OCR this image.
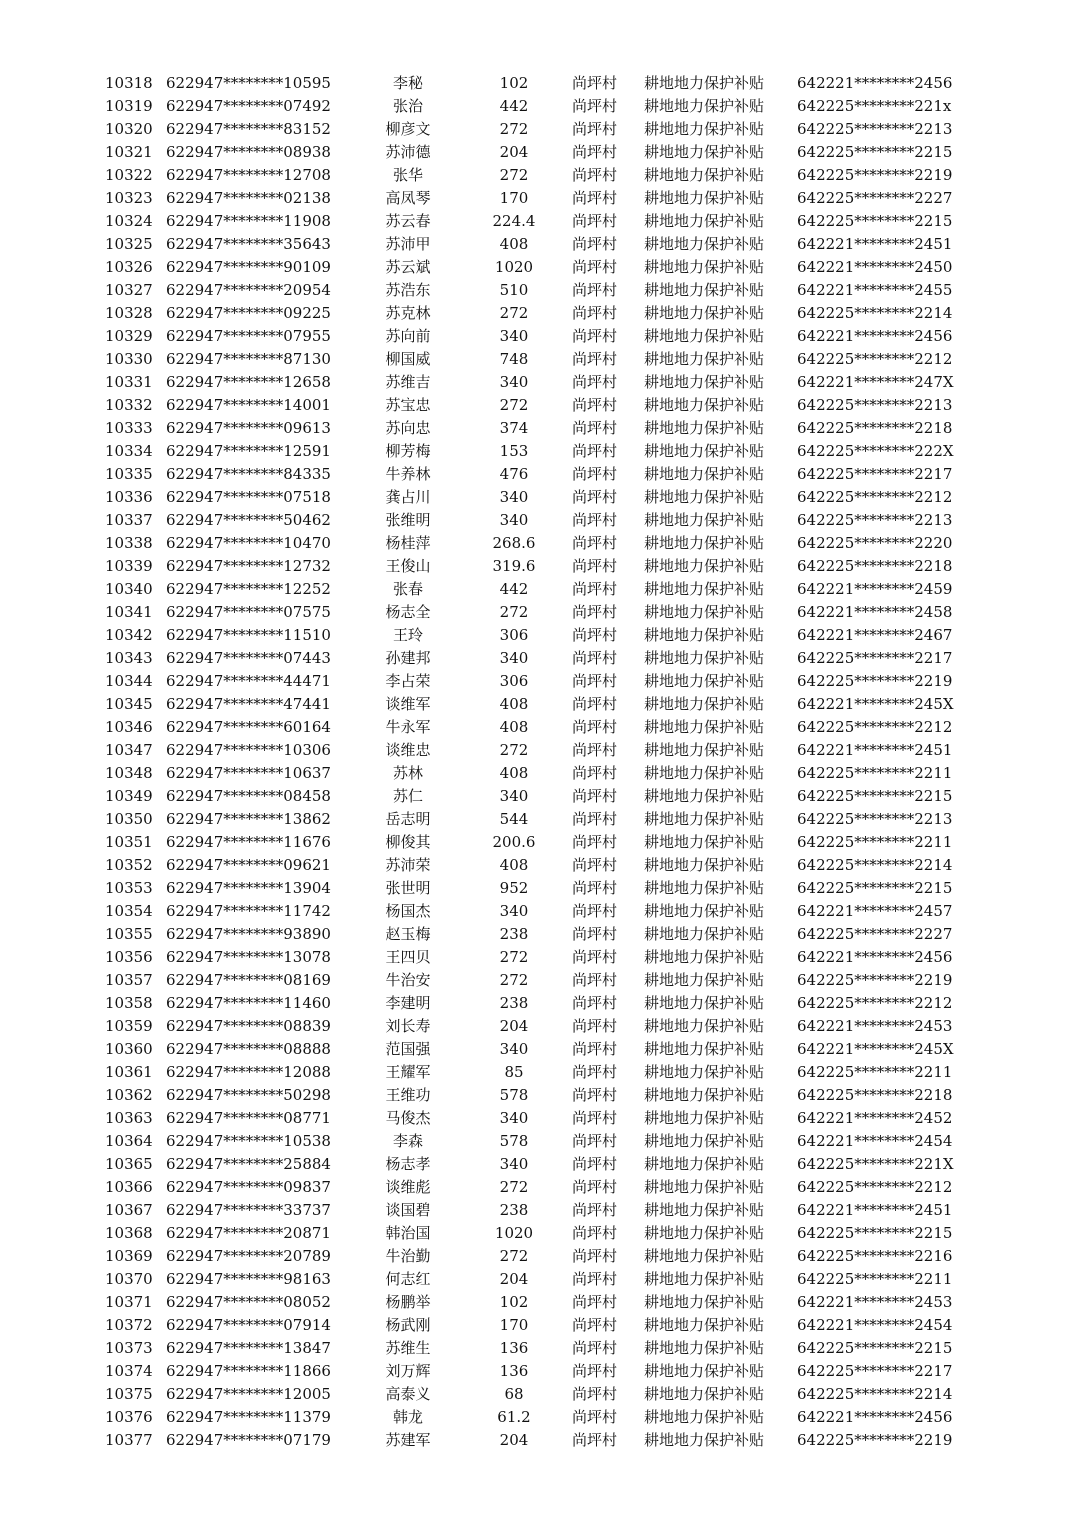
10318 622947********10595	李秘	102	尚坪村	耕地地力保护补贴	642221********2456
10319 622947********07492	张治	442	尚坪村	耕地地力保护补贴	642225********221x
10320 622947********83152	柳彦文	272	尚坪村	耕地地力保护补贴	642225********2213
10321 622947********08938	苏沛德	204	尚坪村	耕地地力保护补贴	642225********2215
10322 622947********12708	张华	272	尚坪村	耕地地力保护补贴	642225********2219
10323 622947********02138	高凤琴	170	尚坪村	耕地地力保护补贴	642225********2227
10324 622947********11908	苏云春	224.4	尚坪村	耕地地力保护补贴	642225********2215
10325 622947********35643	苏沛甲	408	尚坪村	耕地地力保护补贴	642221********2451
10326 622947********90109	苏云斌	1020	尚坪村	耕地地力保护补贴	642221********2450
10327 622947********20954	苏浩东	510	尚坪村	耕地地力保护补贴	642221********2455
10328 622947********09225	苏克林	272	尚坪村	耕地地力保护补贴	642225********2214
10329 622947********07955	苏向前	340	尚坪村	耕地地力保护补贴	642221********2456
10330 622947********87130	柳国威	748	尚坪村	耕地地力保护补贴	642225********2212
10331 622947********12658	苏维吉	340	尚坪村	耕地地力保护补贴	642221********247X
10332 622947********14001	苏宝忠	272	尚坪村	耕地地力保护补贴	642225********2213
10333 622947********09613	苏向忠	374	尚坪村	耕地地力保护补贴	642225********2218
10334 622947********12591	柳芳梅	153	尚坪村	耕地地力保护补贴	642225********222X
10335 622947********84335	牛养林	476	尚坪村	耕地地力保护补贴	642225********2217
10336 622947********07518	龚占川	340	尚坪村	耕地地力保护补贴	642225********2212
10337 622947********50462	张维明	340	尚坪村	耕地地力保护补贴	642225********2213
10338 622947********10470	杨桂萍	268.6	尚坪村	耕地地力保护补贴	642225********2220
10339 622947********12732	王俊山	319.6	尚坪村	耕地地力保护补贴	642225********2218
10340 622947********12252	张春	442	尚坪村	耕地地力保护补贴	642221********2459
10341 622947********07575	杨志全	272	尚坪村	耕地地力保护补贴	642221********2458
10342 622947********11510	王玲	306	尚坪村	耕地地力保护补贴	642221********2467
10343 622947********07443	孙建邦	340	尚坪村	耕地地力保护补贴	642225********2217
10344 622947********44471	李占荣	306	尚坪村	耕地地力保护补贴	642225********2219
10345 622947********47441	谈维军	408	尚坪村	耕地地力保护补贴	642221********245X
10346 622947********60164	牛永军	408	尚坪村	耕地地力保护补贴	642225********2212
10347 622947********10306	谈维忠	272	尚坪村	耕地地力保护补贴	642221********2451
10348 622947********10637	苏林	408	尚坪村	耕地地力保护补贴	642225********2211
10349 622947********08458	苏仁	340	尚坪村	耕地地力保护补贴	642225********2215
10350 622947********13862	岳志明	544	尚坪村	耕地地力保护补贴	642225********2213
10351 622947********11676	柳俊其	200.6	尚坪村	耕地地力保护补贴	642225********2211
10352 622947********09621	苏沛荣	408	尚坪村	耕地地力保护补贴	642225********2214
10353 622947********13904	张世明	952	尚坪村	耕地地力保护补贴	642225********2215
10354 622947********11742	杨国杰	340	尚坪村	耕地地力保护补贴	642221********2457
10355 622947********93890	赵玉梅	238	尚坪村	耕地地力保护补贴	642225********2227
10356 622947********13078	王四贝	272	尚坪村	耕地地力保护补贴	642221********2456
10357 622947********08169	牛治安	272	尚坪村	耕地地力保护补贴	642225********2219
10358 622947********11460	李建明	238	尚坪村	耕地地力保护补贴	642225********2212
10359 622947********08839	刘长寿	204	尚坪村	耕地地力保护补贴	642221********2453
10360 622947********08888	范国强	340	尚坪村	耕地地力保护补贴	642221********245X
10361 622947********12088	王耀军	85	尚坪村	耕地地力保护补贴	642225********2211
10362 622947********50298	王维功	578	尚坪村	耕地地力保护补贴	642225********2218
10363 622947********08771	马俊杰	340	尚坪村	耕地地力保护补贴	642221********2452
10364 622947********10538	李森	578	尚坪村	耕地地力保护补贴	642221********2454
10365 622947********25884	杨志孝	340	尚坪村	耕地地力保护补贴	642225********221X
10366 622947********09837	谈维彪	272	尚坪村	耕地地力保护补贴	642225********2212
10367 622947********33737	谈国碧	238	尚坪村	耕地地力保护补贴	642221********2451
10368 622947********20871	韩治国	1020	尚坪村	耕地地力保护补贴	642225********2215
10369 622947********20789	牛治勤	272	尚坪村	耕地地力保护补贴	642225********2216
10370 622947********98163	何志红	204	尚坪村	耕地地力保护补贴	642225********2211
10371 622947********08052	杨鹏举	102	尚坪村	耕地地力保护补贴	642221********2453
10372 622947********07914	杨武刚	170	尚坪村	耕地地力保护补贴	642221********2454
10373 622947********13847	苏维生	136	尚坪村	耕地地力保护补贴	642225********2215
10374 622947********11866	刘万辉	136	尚坪村	耕地地力保护补贴	642225********2217
10375 622947********12005	高泰义	68	尚坪村	耕地地力保护补贴	642225********2214
10376 622947********11379	韩龙	61.2	尚坪村	耕地地力保护补贴	642221********2456
10377 622947********07179	苏建军	204	尚坪村	耕地地力保护补贴	642225********2219
